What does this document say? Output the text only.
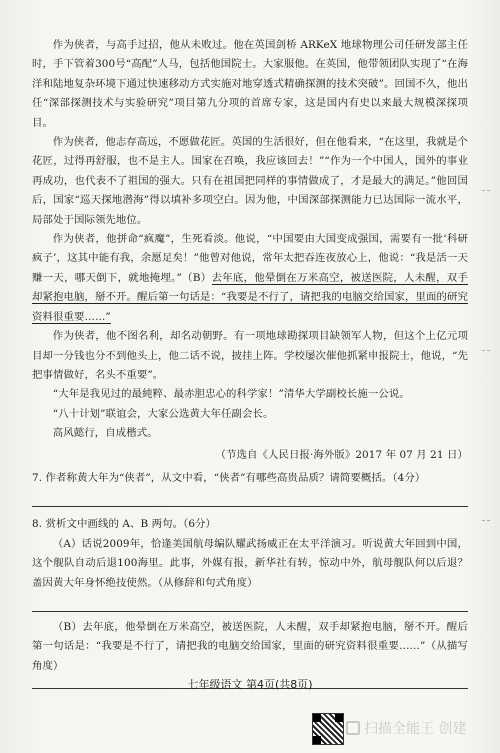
作为侠者，与高手过招，他从未败过。他在英国剑桥 ARKeX 地球物理公司任研发部主任时，手下管着300号“高配”人马，包括他国院士。大家服他。在英国，他带领团队实现了“在海洋和陆地复杂环境下通过快速移动方式实施对地穿透式精确探测的技术突破”。回国不久，他出任“深部探测技术与实验研究”项目第九分项的首席专家，这是国内有史以来最大规模深探项目。

作为侠者，他志存高远，不愿做花匠。英国的生活很好，但在他看来，“在这里，我就是个花匠，过得再舒服，也不是主人。国家在召唤，我应该回去！”“作为一个中国人，国外的事业再成功，也代表不了祖国的强大。只有在祖国把同样的事情做成了，才是最大的满足。”他回国后，国家“巡天探地潜海”得以填补多项空白。因为他，中国深部探测能力已达国际一流水平，局部处于国际领先地位。

作为侠者，他拼命“疯魔”，生死看淡。他说，“中国要由大国变成强国，需要有一批‘科研疯子’，这其中能有我，余愿足矣！”他曾对他说，常年太把吞连夜放心上，他说：“我是活一天赚一天，哪天倒下，就地掩埋。”（B）去年底，他晕倒在万米高空，被送医院，人未醒，双手却紧抱电脑，掰不开。醒后第一句话是：“我要是不行了，请把我的电脑交给国家，里面的研究资料很重要……”

作为侠者，他不图名利，却名动朝野。有一项地球勘探项目缺领军人物，但这个上亿元项目却一分钱也分不到他头上，他二话不说，披挂上阵。学校屡次催他抓紧申报院士，他说，“先把事情做好，名头不重要”。

“大年是我见过的最純粹、最赤胆忠心的科学家！”清华大学副校长施一公说。

“八十计划”联谊会，大家公选黄大年任副会长。

高风懿行，自成楷式。

（节选自《人民日报·海外版》2017 年 07 月 21 日）

7. 作者称黄大年为“侠者”，从文中看，“侠者”有哪些高贵品质？请简要概括。（4分）

8. 赏析文中画线的 A、B 两句。（6分）

（A）话说2009年，恰逢美国航母编队耀武扬威正在太平洋演习。听说黄大年回到中国，这个舰队自动后退100海里。此事，外媒有报，新华社有转，惊动中外，航母舰队何以后退？盖因黄大年身怀绝技使然。（从修辞和句式角度）

（B）去年底，他晕倒在万米高空，被送医院，人未醒，双手却紧抱电脑，掰不开。醒后第一句话是：“我要是不行了，请把我的电脑交给国家，里面的研究资料很重要……”（从描写角度）

七年级语文 第4页(共8页)
扫描全能王 创建
